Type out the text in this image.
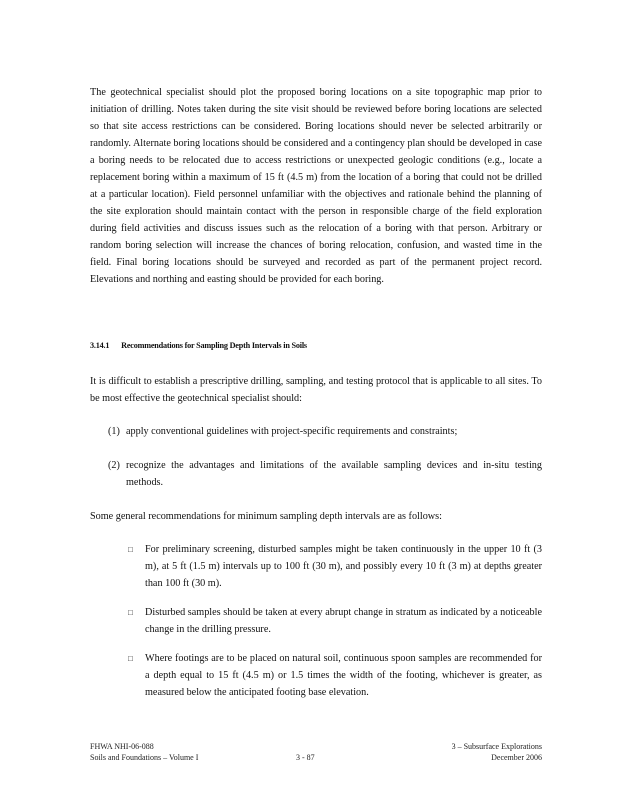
The geotechnical specialist should plot the proposed boring locations on a site topographic map prior to initiation of drilling. Notes taken during the site visit should be reviewed before boring locations are selected so that site access restrictions can be considered. Boring locations should never be selected arbitrarily or randomly. Alternate boring locations should be considered and a contingency plan should be developed in case a boring needs to be relocated due to access restrictions or unexpected geologic conditions (e.g., locate a replacement boring within a maximum of 15 ft (4.5 m) from the location of a boring that could not be drilled at a particular location). Field personnel unfamiliar with the objectives and rationale behind the planning of the site exploration should maintain contact with the person in responsible charge of the field exploration during field activities and discuss issues such as the relocation of a boring with that person. Arbitrary or random boring selection will increase the chances of boring relocation, confusion, and wasted time in the field. Final boring locations should be surveyed and recorded as part of the permanent project record. Elevations and northing and easting should be provided for each boring.

3.14.1 Recommendations for Sampling Depth Intervals in Soils

It is difficult to establish a prescriptive drilling, sampling, and testing protocol that is applicable to all sites. To be most effective the geotechnical specialist should:

(1) apply conventional guidelines with project-specific requirements and constraints;
(2) recognize the advantages and limitations of the available sampling devices and in-situ testing methods.

Some general recommendations for minimum sampling depth intervals are as follows:

□	For preliminary screening, disturbed samples might be taken continuously in the upper 10 ft (3 m), at 5 ft (1.5 m) intervals up to 100 ft (30 m), and possibly every 10 ft (3 m) at depths greater than 100 ft (30 m).
□	Disturbed samples should be taken at every abrupt change in stratum as indicated by a noticeable change in the drilling pressure.
□	Where footings are to be placed on natural soil, continuous spoon samples are recommended for a depth equal to 15 ft (4.5 m) or 1.5 times the width of the footing, whichever is greater, as measured below the anticipated footing base elevation.
FHWA NHI-06-088
Soils and Foundations – Volume I	3 - 87
3 – Subsurface Explorations
December 2006
